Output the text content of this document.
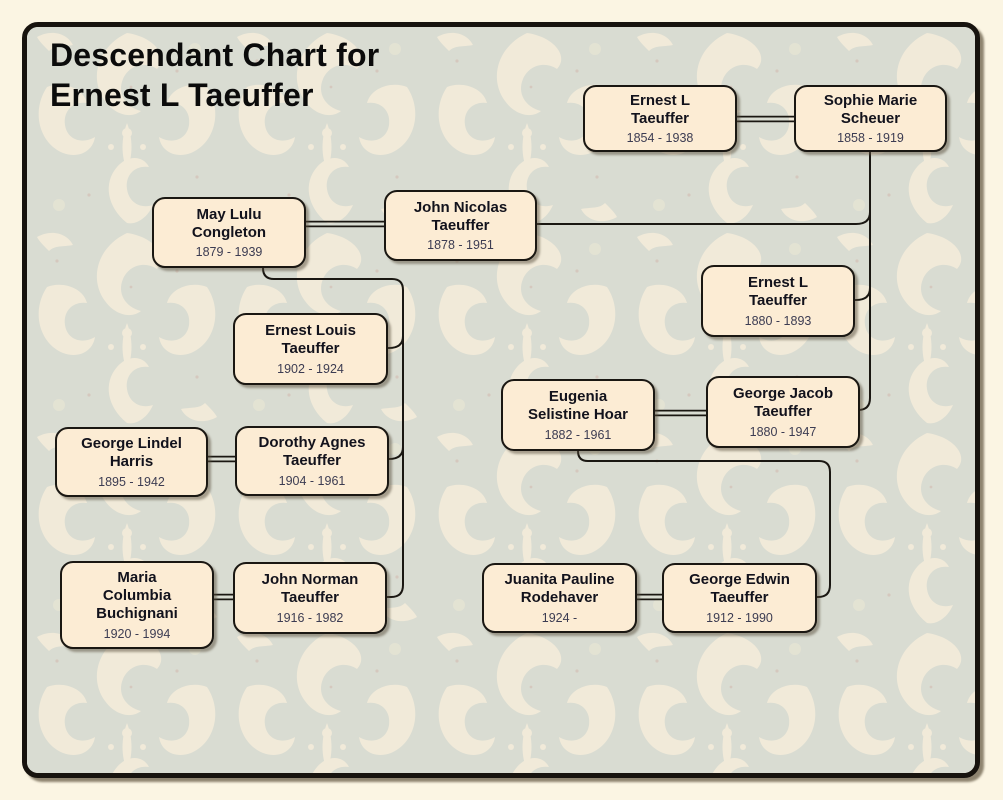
Descendant Chart for
Ernest L Taeuffer	Ernest L
Taeuffer
1854 - 1938
Sophie Marie
Scheuer
1858 - 1919
May Lulu
Congleton
1879 - 1939
John Nicolas
Taeuffer
1878 - 1951
Ernest L
Taeuffer
1880 - 1893
Ernest Louis
Taeuffer
1902 - 1924
Eugenia
Selistine Hoar
1882 - 1961
George Jacob
Taeuffer
1880 - 1947
George Lindel
Harris
1895 - 1942
Dorothy Agnes
Taeuffer
1904 - 1961
Maria
Columbia
Buchignani
1920 - 1994
John Norman
Taeuffer
1916 - 1982
Juanita Pauline
Rodehaver
1924 -
George Edwin
Taeuffer
1912 - 1990
